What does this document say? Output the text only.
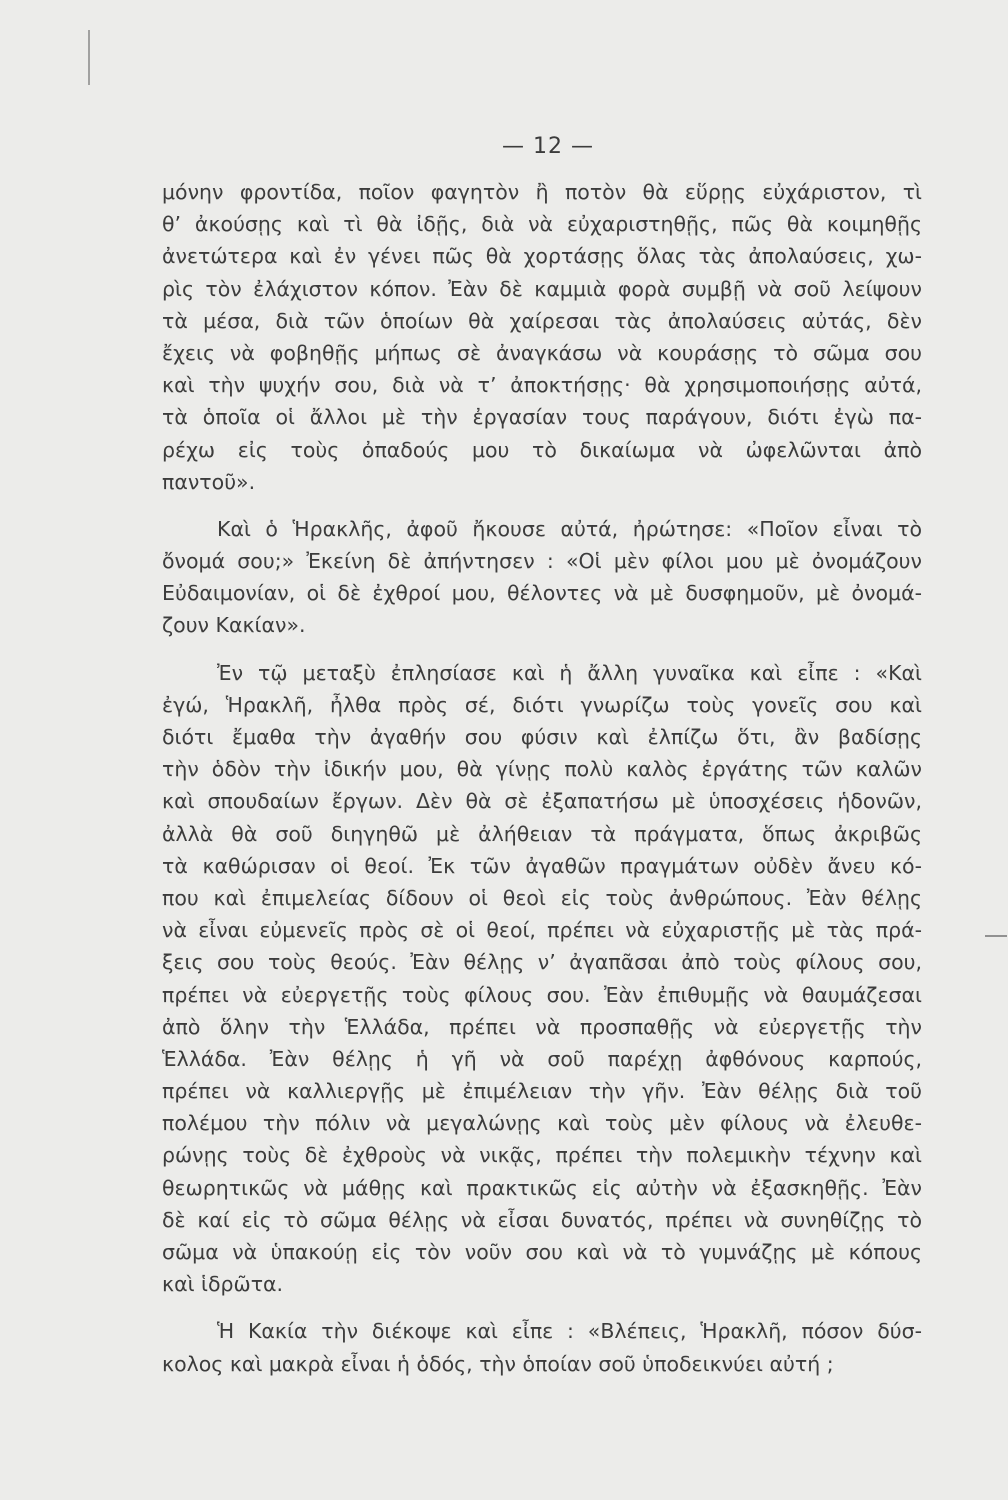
— 12 —
μόνην φροντίδα, ποῖον φαγητὸν ἢ ποτὸν θὰ εὕρῃς εὐχάριστον, τὶ
θ’ ἀκούσῃς καὶ τὶ θὰ ἰδῇς, διὰ νὰ εὐχαριστηθῇς, πῶς θὰ κοιμηθῇς
ἀνετώτερα καὶ ἐν γένει πῶς θὰ χορτάσῃς ὅλας τὰς ἀπολαύσεις, χω-
ρὶς τὸν ἐλάχιστον κόπον. Ἐὰν δὲ καμμιὰ φορὰ συμβῇ νὰ σοῦ λείψουν
τὰ μέσα, διὰ τῶν ὁποίων θὰ χαίρεσαι τὰς ἀπολαύσεις αὐτάς, δὲν
ἔχεις νὰ φοβηθῇς μήπως σὲ ἀναγκάσω νὰ κουράσῃς τὸ σῶμα σου
καὶ τὴν ψυχήν σου, διὰ νὰ τ’ ἀποκτήσῃς· θὰ χρησιμοποιήσῃς αὐτά,
τὰ ὁποῖα οἱ ἄλλοι μὲ τὴν ἐργασίαν τους παράγουν, διότι ἐγὼ πα-
ρέχω εἰς τοὺς ὀπαδούς μου τὸ δικαίωμα νὰ ὠφελῶνται ἀπὸ
παντοῦ».
Καὶ ὁ Ἡρακλῆς, ἀφοῦ ἤκουσε αὐτά, ἠρώτησε: «Ποῖον εἶναι τὸ
ὄνομά σου;» Ἐκείνη δὲ ἀπήντησεν : «Οἱ μὲν φίλοι μου μὲ ὀνομάζουν
Εὐδαιμονίαν, οἱ δὲ ἐχθροί μου, θέλοντες νὰ μὲ δυσφημοῦν, μὲ ὀνομά-
ζουν Κακίαν».
Ἐν τῷ μεταξὺ ἐπλησίασε καὶ ἡ ἄλλη γυναῖκα καὶ εἶπε : «Καὶ
ἐγώ, Ἡρακλῆ, ἦλθα πρὸς σέ, διότι γνωρίζω τοὺς γονεῖς σου καὶ
διότι ἔμαθα τὴν ἀγαθήν σου φύσιν καὶ ἐλπίζω ὅτι, ἂν βαδίσῃς
τὴν ὁδὸν τὴν ἰδικήν μου, θὰ γίνῃς πολὺ καλὸς ἐργάτης τῶν καλῶν
καὶ σπουδαίων ἔργων. Δὲν θὰ σὲ ἐξαπατήσω μὲ ὑποσχέσεις ἡδονῶν,
ἀλλὰ θὰ σοῦ διηγηθῶ μὲ ἀλήθειαν τὰ πράγματα, ὅπως ἀκριβῶς
τὰ καθώρισαν οἱ θεοί. Ἐκ τῶν ἀγαθῶν πραγμάτων οὐδὲν ἄνευ κό-
που καὶ ἐπιμελείας δίδουν οἱ θεοὶ εἰς τοὺς ἀνθρώπους. Ἐὰν θέλῃς
νὰ εἶναι εὐμενεῖς πρὸς σὲ οἱ θεοί, πρέπει νὰ εὐχαριστῇς μὲ τὰς πρά-
ξεις σου τοὺς θεούς. Ἐὰν θέλῃς ν’ ἀγαπᾶσαι ἀπὸ τοὺς φίλους σου,
πρέπει νὰ εὐεργετῇς τοὺς φίλους σου. Ἐὰν ἐπιθυμῇς νὰ θαυμάζεσαι
ἀπὸ ὅλην τὴν Ἑλλάδα, πρέπει νὰ προσπαθῇς νὰ εὐεργετῇς τὴν
Ἑλλάδα. Ἐὰν θέλῃς ἡ γῆ νὰ σοῦ παρέχῃ ἀφθόνους καρπούς,
πρέπει νὰ καλλιεργῇς μὲ ἐπιμέλειαν τὴν γῆν. Ἐὰν θέλῃς διὰ τοῦ
πολέμου τὴν πόλιν νὰ μεγαλώνῃς καὶ τοὺς μὲν φίλους νὰ ἐλευθε-
ρώνῃς τοὺς δὲ ἐχθροὺς νὰ νικᾷς, πρέπει τὴν πολεμικὴν τέχνην καὶ
θεωρητικῶς νὰ μάθῃς καὶ πρακτικῶς εἰς αὐτὴν νὰ ἐξασκηθῇς. Ἐὰν
δὲ καί εἰς τὸ σῶμα θέλῃς νὰ εἶσαι δυνατός, πρέπει νὰ συνηθίζῃς τὸ
σῶμα νὰ ὑπακούῃ εἰς τὸν νοῦν σου καὶ νὰ τὸ γυμνάζῃς μὲ κόπους
καὶ ἱδρῶτα.
Ἡ Κακία τὴν διέκοψε καὶ εἶπε : «Βλέπεις, Ἡρακλῆ, πόσον δύσ-
κολος καὶ μακρὰ εἶναι ἡ ὁδός, τὴν ὁποίαν σοῦ ὑποδεικνύει αὐτή ;
